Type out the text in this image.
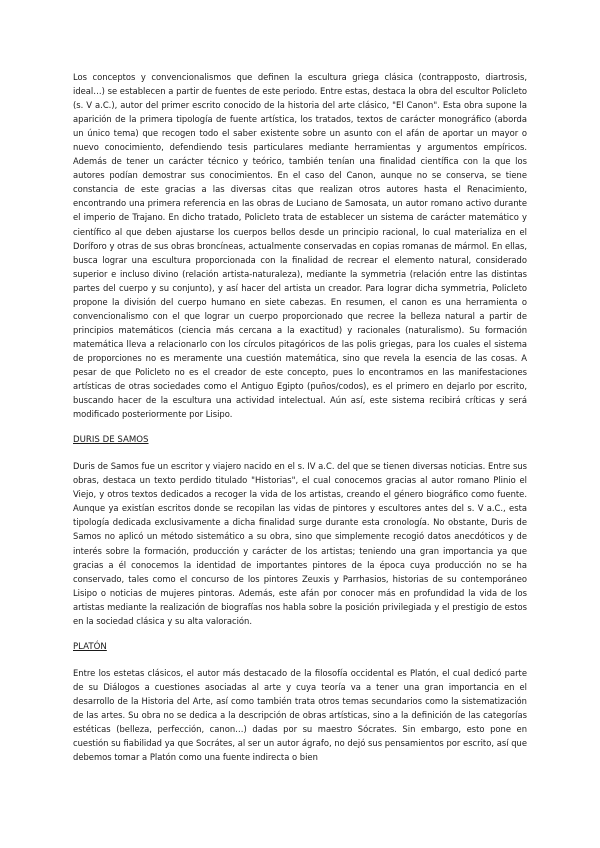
Los conceptos y convencionalismos que definen la escultura griega clásica (contrapposto, diartrosis, ideal…) se establecen a partir de fuentes de este periodo. Entre estas, destaca la obra del escultor Policleto (s. V a.C.), autor del primer escrito conocido de la historia del arte clásico, "El Canon". Esta obra supone la aparición de la primera tipología de fuente artística, los tratados, textos de carácter monográfico (aborda un único tema) que recogen todo el saber existente sobre un asunto con el afán de aportar un mayor o nuevo conocimiento, defendiendo tesis particulares mediante herramientas y argumentos empíricos. Además de tener un carácter técnico y teórico, también tenían una finalidad científica con la que los autores podían demostrar sus conocimientos. En el caso del Canon, aunque no se conserva, se tiene constancia de este gracias a las diversas citas que realizan otros autores hasta el Renacimiento, encontrando una primera referencia en las obras de Luciano de Samosata, un autor romano activo durante el imperio de Trajano. En dicho tratado, Policleto trata de establecer un sistema de carácter matemático y científico al que deben ajustarse los cuerpos bellos desde un principio racional, lo cual materializa en el Doríforo y otras de sus obras broncíneas, actualmente conservadas en copias romanas de mármol. En ellas, busca lograr una escultura proporcionada con la finalidad de recrear el elemento natural, considerado superior e incluso divino (relación artista-naturaleza), mediante la symmetria (relación entre las distintas partes del cuerpo y su conjunto), y así hacer del artista un creador. Para lograr dicha symmetria, Policleto propone la división del cuerpo humano en siete cabezas. En resumen, el canon es una herramienta o convencionalismo con el que lograr un cuerpo proporcionado que recree la belleza natural a partir de principios matemáticos (ciencia más cercana a la exactitud) y racionales (naturalismo). Su formación matemática lleva a relacionarlo con los círculos pitagóricos de las polis griegas, para los cuales el sistema de proporciones no es meramente una cuestión matemática, sino que revela la esencia de las cosas. A pesar de que Policleto no es el creador de este concepto, pues lo encontramos en las manifestaciones artísticas de otras sociedades como el Antiguo Egipto (puños/codos), es el primero en dejarlo por escrito, buscando hacer de la escultura una actividad intelectual. Aún así, este sistema recibirá críticas y será modificado posteriormente por Lisipo.

DURIS DE SAMOS

Duris de Samos fue un escritor y viajero nacido en el s. IV a.C. del que se tienen diversas noticias. Entre sus obras, destaca un texto perdido titulado "Historias", el cual conocemos gracias al autor romano Plinio el Viejo, y otros textos dedicados a recoger la vida de los artistas, creando el género biográfico como fuente. Aunque ya existían escritos donde se recopilan las vidas de pintores y escultores antes del s. V a.C., esta tipología dedicada exclusivamente a dicha finalidad surge durante esta cronología. No obstante, Duris de Samos no aplicó un método sistemático a su obra, sino que simplemente recogió datos anecdóticos y de interés sobre la formación, producción y carácter de los artistas; teniendo una gran importancia ya que gracias a él conocemos la identidad de importantes pintores de la época cuya producción no se ha conservado, tales como el concurso de los pintores Zeuxis y Parrhasios, historias de su contemporáneo Lisipo o noticias de mujeres pintoras. Además, este afán por conocer más en profundidad la vida de los artistas mediante la realización de biografías nos habla sobre la posición privilegiada y el prestigio de estos en la sociedad clásica y su alta valoración.

PLATÓN

Entre los estetas clásicos, el autor más destacado de la filosofía occidental es Platón, el cual dedicó parte de su Diálogos a cuestiones asociadas al arte y cuya teoría va a tener una gran importancia en el desarrollo de la Historia del Arte, así como también trata otros temas secundarios como la sistematización de las artes. Su obra no se dedica a la descripción de obras artísticas, sino a la definición de las categorías estéticas (belleza, perfección, canon…) dadas por su maestro Sócrates. Sin embargo, esto pone en cuestión su fiabilidad ya que Socrátes, al ser un autor ágrafo, no dejó sus pensamientos por escrito, así que debemos tomar a Platón como una fuente indirecta o bien
